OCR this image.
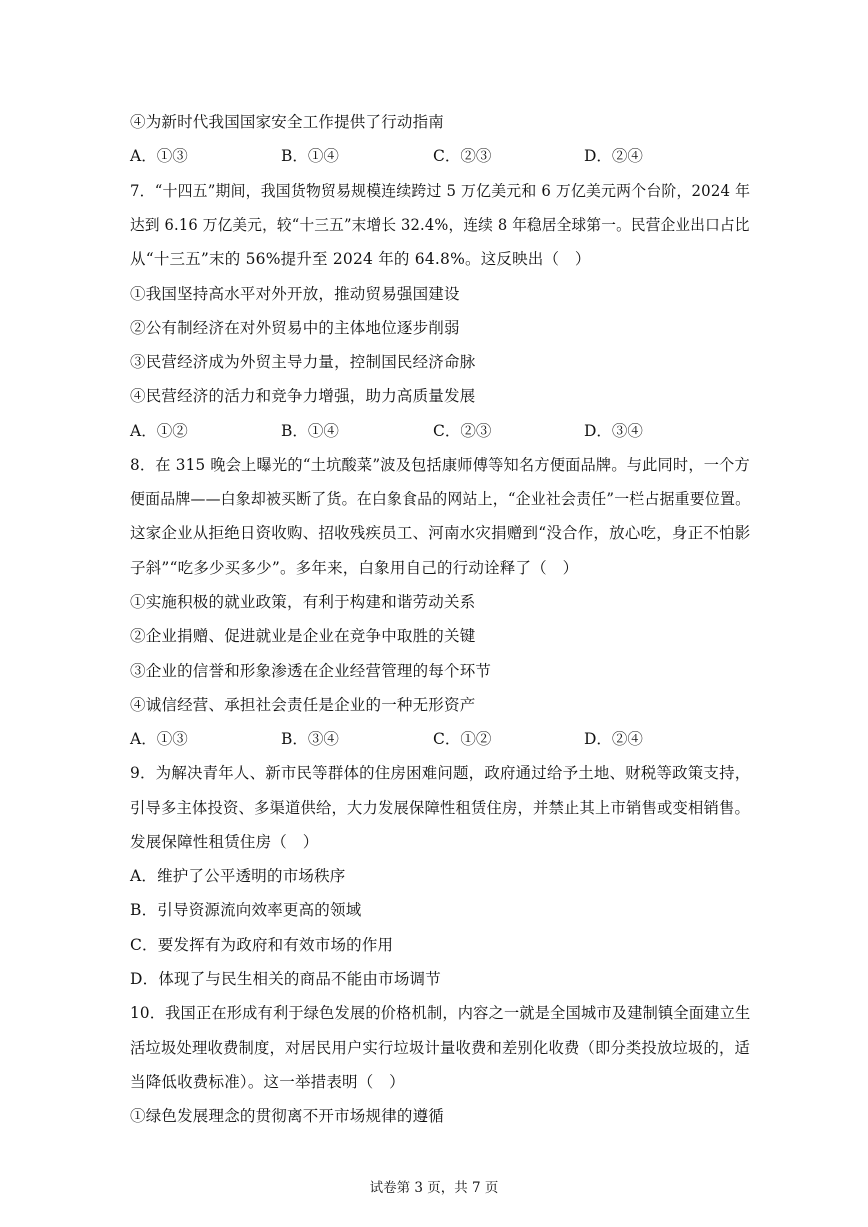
④为新时代我国国家安全工作提供了行动指南
A．①③	B．①④	C．②③	D．②④
7．“十四五”期间，我国货物贸易规模连续跨过 5 万亿美元和 6 万亿美元两个台阶，2024 年
达到 6.16 万亿美元，较“十三五”末增长 32.4%，连续 8 年稳居全球第一。民营企业出口占比
从“十三五”末的 56%提升至 2024 年的 64.8%。这反映出（　）
①我国坚持高水平对外开放，推动贸易强国建设
②公有制经济在对外贸易中的主体地位逐步削弱
③民营经济成为外贸主导力量，控制国民经济命脉
④民营经济的活力和竞争力增强，助力高质量发展
A．①②	B．①④	C．②③	D．③④
8．在 315 晚会上曝光的“土坑酸菜”波及包括康师傅等知名方便面品牌。与此同时，一个方
便面品牌——白象却被买断了货。在白象食品的网站上，“企业社会责任”一栏占据重要位置。
这家企业从拒绝日资收购、招收残疾员工、河南水灾捐赠到“没合作，放心吃，身正不怕影
子斜”“吃多少买多少”。多年来，白象用自己的行动诠释了（　）
①实施积极的就业政策，有利于构建和谐劳动关系
②企业捐赠、促进就业是企业在竞争中取胜的关键
③企业的信誉和形象渗透在企业经营管理的每个环节
④诚信经营、承担社会责任是企业的一种无形资产
A．①③	B．③④	C．①②	D．②④
9．为解决青年人、新市民等群体的住房困难问题，政府通过给予土地、财税等政策支持，
引导多主体投资、多渠道供给，大力发展保障性租赁住房，并禁止其上市销售或变相销售。
发展保障性租赁住房（　）
A．维护了公平透明的市场秩序
B．引导资源流向效率更高的领域
C．要发挥有为政府和有效市场的作用
D．体现了与民生相关的商品不能由市场调节
10．我国正在形成有利于绿色发展的价格机制，内容之一就是全国城市及建制镇全面建立生
活垃圾处理收费制度，对居民用户实行垃圾计量收费和差别化收费（即分类投放垃圾的，适
当降低收费标准）。这一举措表明（　）
①绿色发展理念的贯彻离不开市场规律的遵循
试卷第 3 页，共 7 页
